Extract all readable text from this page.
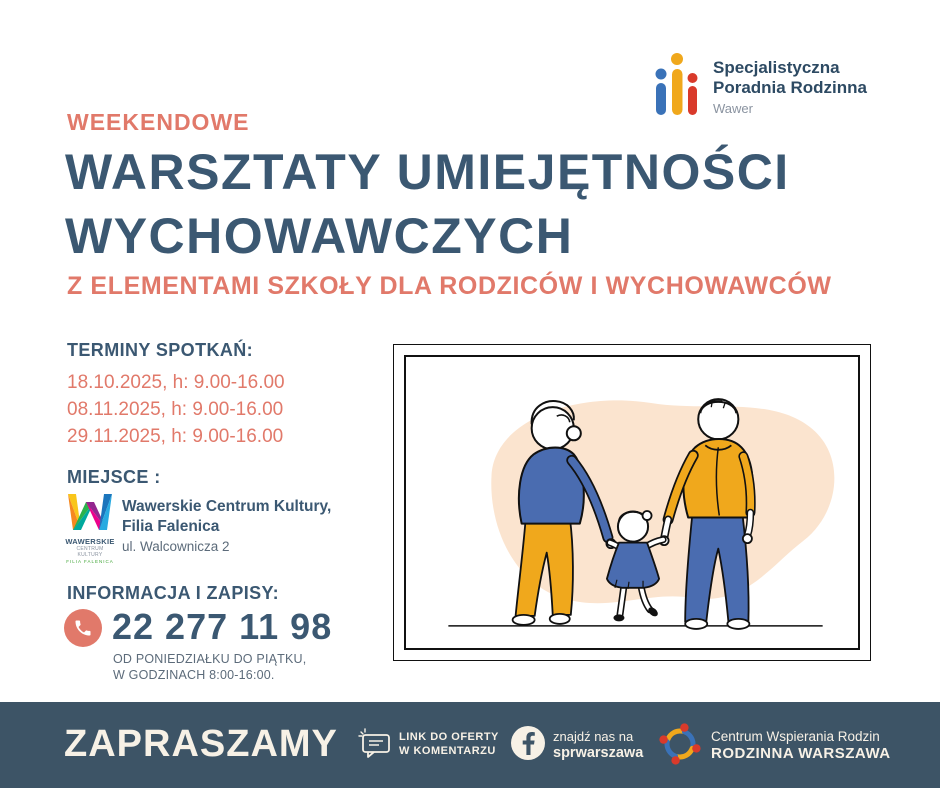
Specjalistyczna
Poradnia Rodzinna
Wawer
WEEKENDOWE
WARSZTATY UMIEJĘTNOŚCI
WYCHOWAWCZYCH
Z ELEMENTAMI SZKOŁY DLA RODZICÓW I WYCHOWAWCÓW
TERMINY SPOTKAŃ:
18.10.2025, h: 9.00-16.00
08.11.2025, h: 9.00-16.00
29.11.2025, h: 9.00-16.00
MIEJSCE :
WAWERSKIE
CENTRUM KULTURY
FILIA FALENICA
Wawerskie Centrum Kultury,
Filia Falenica
ul. Walcownicza 2
INFORMACJA I ZAPISY:
22 277 11 98
OD PONIEDZIAŁKU DO PIĄTKU,
W GODZINACH 8:00-16:00.
ZAPRASZAMY	LINK DO OFERTY
W KOMENTARZU
znajdź nas na
sprwarszawa
Centrum Wspierania Rodzin
RODZINNA WARSZAWA
